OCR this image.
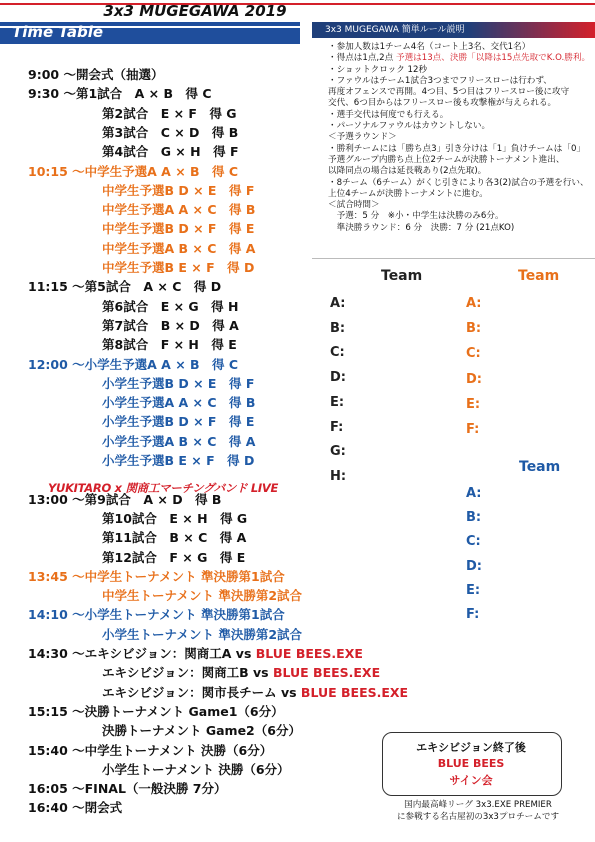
3x3 MUGEGAWA 2019
Time Table	3x3 MUGEGAWA 簡単ルール説明
9:00 〜開会式（抽選）
9:30 〜第1試合　A × B　得 C
第2試合　E × F　得 G
第3試合　C × D　得 B
第4試合　G × H　得 F
10:15 〜中学生予選A A × B　得 C
中学生予選B D × E　得 F
中学生予選A A × C　得 B
中学生予選B D × F　得 E
中学生予選A B × C　得 A
中学生予選B E × F　得 D
11:15 〜第5試合　A × C　得 D
第6試合　E × G　得 H
第7試合　B × D　得 A
第8試合　F × H　得 E
12:00 〜小学生予選A A × B　得 C
小学生予選B D × E　得 F
小学生予選A A × C　得 B
小学生予選B D × F　得 E
小学生予選A B × C　得 A
小学生予選B E × F　得 D
13:00 〜第9試合　A × D　得 B
第10試合　E × H　得 G
第11試合　B × C　得 A
第12試合　F × G　得 E
13:45 〜中学生トーナメント 準決勝第1試合
中学生トーナメント 準決勝第2試合
14:10 〜小学生トーナメント 準決勝第1試合
小学生トーナメント 準決勝第2試合
14:30 〜エキシビジョン：関商工A vs BLUE BEES.EXE
エキシビジョン：関商工B vs BLUE BEES.EXE
エキシビジョン：関市長チーム vs BLUE BEES.EXE
15:15 〜決勝トーナメント Game1（6分）
決勝トーナメント Game2（6分）
15:40 〜中学生トーナメント 決勝（6分）
小学生トーナメント 決勝（6分）
16:05 〜FINAL（一般決勝 7分）
16:40 〜閉会式
YUKITARO x 関商工マーチングバンド LIVE
・参加人数は1チーム4名（コート上3名、交代1名）
・得点は1点,2点 予選は13点、決勝「以降は15点先取でK.O.勝利。
・ショットクロック 12秒
・ファウルはチーム1試合3つまでフリースローは行わず、
再度オフェンスで再開。4つ目、5つ目はフリースロー後に攻守
交代、6つ目からはフリースロー後も攻撃権が与えられる。
・選手交代は何度でも行える。
・パーソナルファウルはカウントしない。
＜予選ラウンド＞
・勝利チームには「勝ち点3」引き分けは「1」負けチームは「0」
予選グループ内勝ち点上位2チームが決勝トーナメント進出、
以降同点の場合は延長戦あり(2点先取)。
・8チーム（6チーム）がくじ引きにより各3(2)試合の予選を行い、
上位4チームが決勝トーナメントに進む。
＜試合時間＞
　予選：5 分　※小・中学生は決勝のみ6分。
　準決勝ラウンド：6 分　決勝：7 分 (21点KO)
Team	Team
Team
A:
B:
C:
D:
E:
F:
G:
H:
A:
B:
C:
D:
E:
F:
A:
B:
C:
D:
E:
F:
エキシビジョン終了後
BLUE BEES
サイン会
国内最高峰リーグ 3x3.EXE PREMIER
に参戦する名古屋初の3x3プロチームです
